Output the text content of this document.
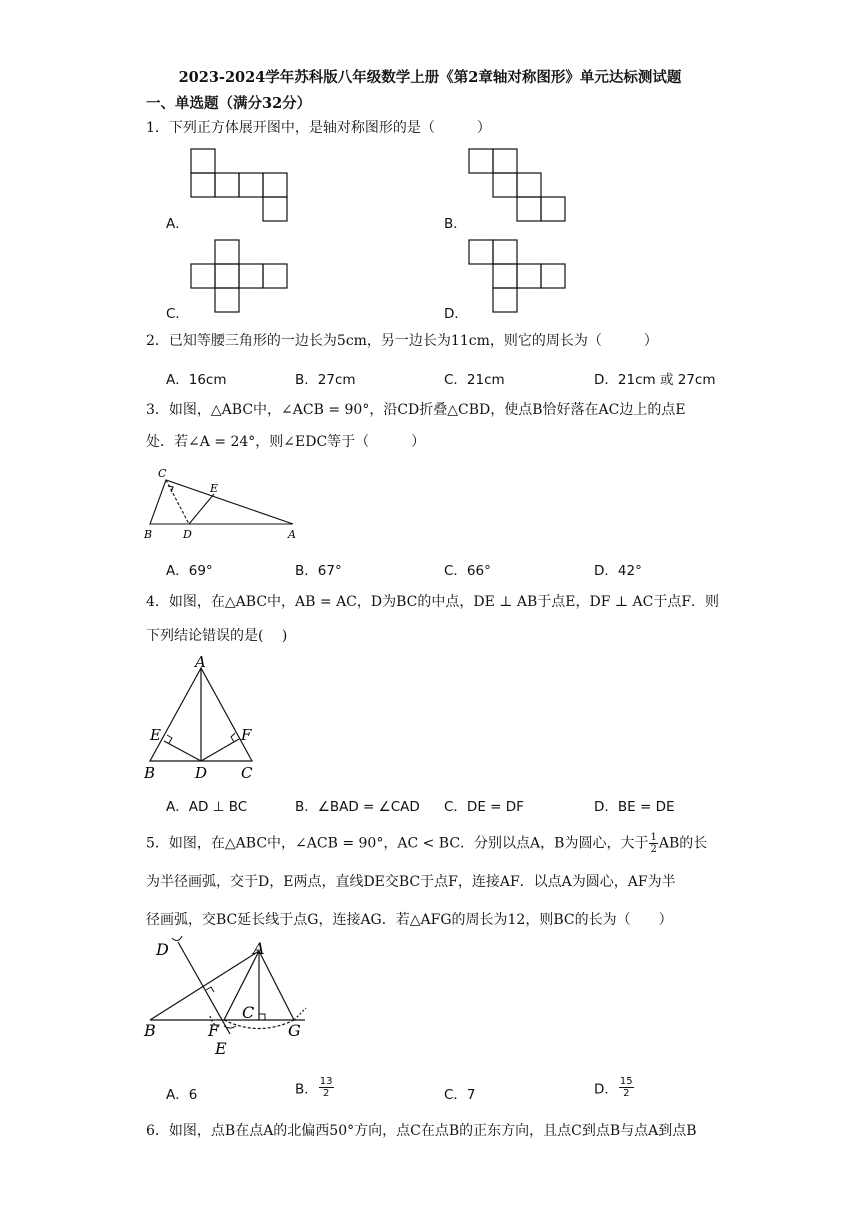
2023-2024学年苏科版八年级数学上册《第2章轴对称图形》单元达标测试题
一、单选题（满分32分）
1．下列正方体展开图中，是轴对称图形的是（　　　）
A．	B．
C．	D．
2．已知等腰三角形的一边长为5cm，另一边长为11cm，则它的周长为（　　　）
A．16cm	B．27cm	C．21cm	D．21cm 或 27cm
3．如图，△ABC中，∠ACB = 90°，沿CD折叠△CBD，使点B恰好落在AC边上的点E
处．若∠A = 24°，则∠EDC等于（　　　）
C
E
B	D	A
A．69°	B．67°	C．66°	D．42°
4．如图，在△ABC中，AB = AC，D为BC的中点，DE ⊥ AB于点E，DF ⊥ AC于点F．则
下列结论错误的是(　 )
A
E	F
B	D C
A．AD ⊥ BC	B．∠BAD = ∠CAD C．DE = DF	D．BE = DE
5．如图，在△ABC中，∠ACB = 90°，AC < BC．分别以点A，B为圆心，大于 $\frac{1}{2}$ AB的长
为半径画弧，交于D，E两点，直线DE交BC于点F，连接AF．以点A为圆心，AF为半
径画弧，交BC延长线于点G，连接AG．若△AFG的周长为12，则BC的长为（　　）
D	A
C
B	F	G
E
A．6	B． $\frac{13}{2}$	C．7	D． $\frac{15}{2}$
6．如图，点B在点A的北偏西50°方向，点C在点B的正东方向，且点C到点B与点A到点B
